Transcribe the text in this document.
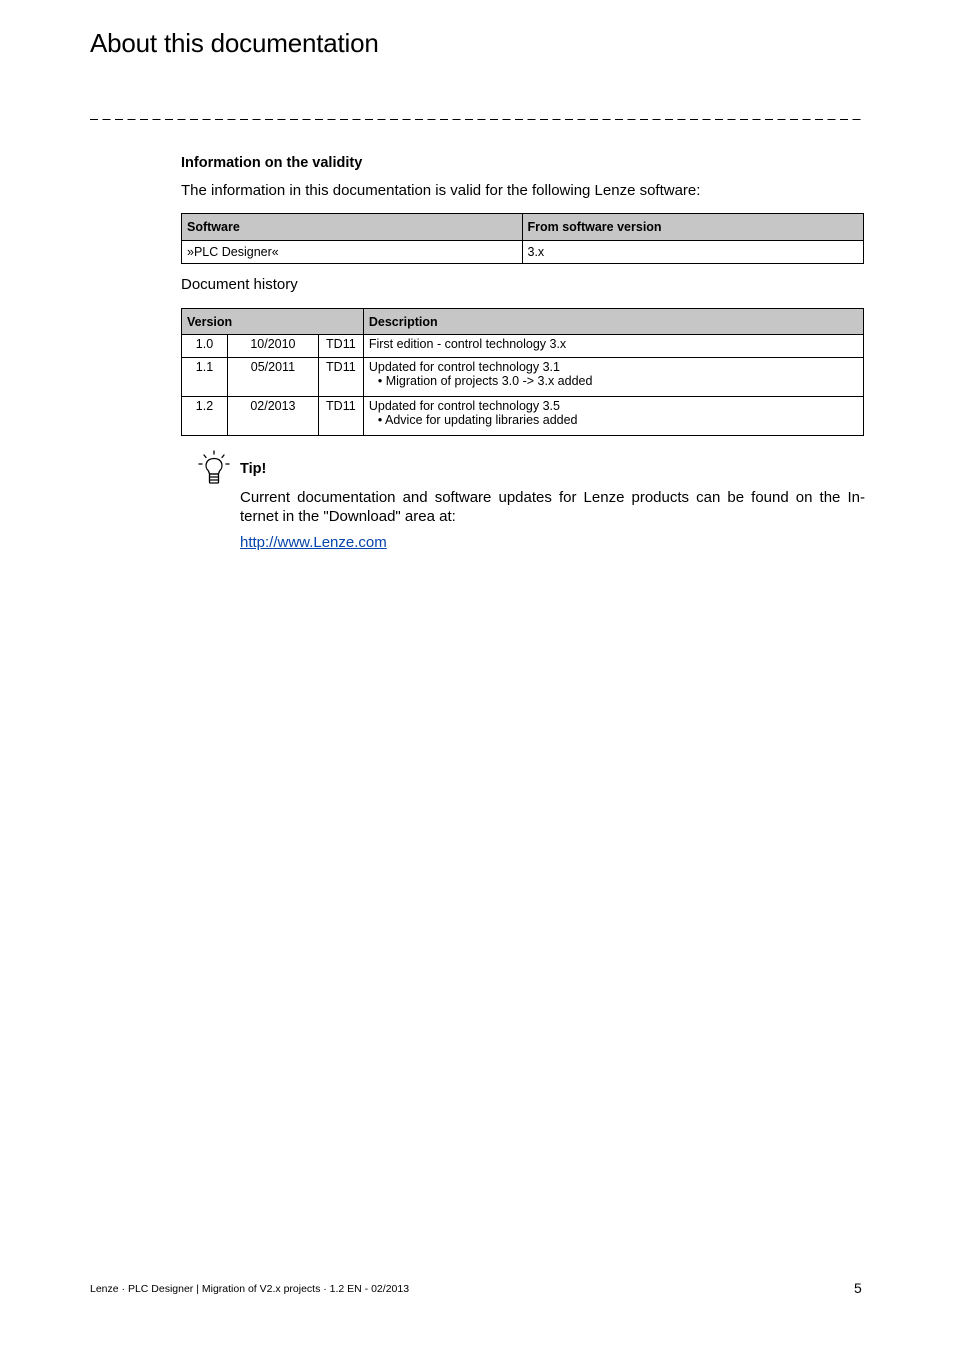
About this documentation
Information on the validity
The information in this documentation is valid for the following Lenze software:
Software	From software version
»PLC Designer«	3.x
Document history
Version			Description
1.0	10/2010	TD11	First edition - control technology 3.x

1.1	05/2011	TD11	Updated for control technology 3.1
• Migration of projects 3.0 -> 3.x added

1.2	02/2013	TD11	Updated for control technology 3.5
• Advice for updating libraries added
Tip!
Current documentation and software updates for Lenze products can be found on the In-ternet in the "Download" area at:
http://www.Lenze.com
Lenze · PLC Designer | Migration of V2.x projects · 1.2 EN - 02/2013	5
